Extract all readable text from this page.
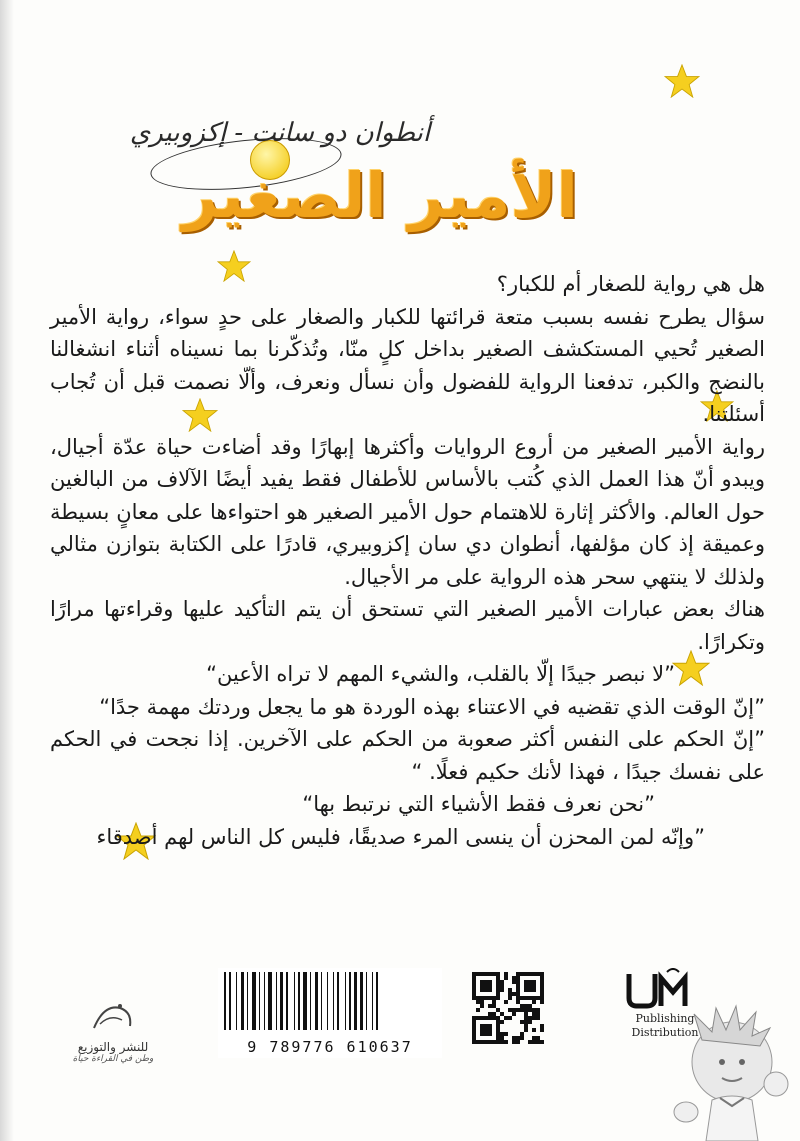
أنطوان دو سانت - إكزوبيري
الأمير الصغير

هل هي رواية للصغار أم للكبار؟

سؤال يطرح نفسه بسبب متعة قرائتها للكبار والصغار على حدٍ سواء، رواية الأمير الصغير تُحيي المستكشف الصغير بداخل كلٍ منّا، وتُذكّرنا بما نسيناه أثناء انشغالنا بالنضج والكبر، تدفعنا الرواية للفضول وأن نسأل ونعرف، وألّا نصمت قبل أن تُجاب أسئلتنا.

رواية الأمير الصغير من أروع الروايات وأكثرها إبهارًا وقد أضاءت حياة عدّة أجيال، ويبدو أنّ هذا العمل الذي كُتب بالأساس للأطفال فقط يفيد أيضًا الآلاف من البالغين حول العالم. والأكثر إثارة للاهتمام حول الأمير الصغير هو احتواءها على معانٍ بسيطة وعميقة إذ كان مؤلفها، أنطوان دي سان إكزوبيري، قادرًا على الكتابة بتوازن مثالي ولذلك لا ينتهي سحر هذه الرواية على مر الأجيال.

هناك بعض عبارات الأمير الصغير التي تستحق أن يتم التأكيد عليها وقراءتها مرارًا وتكرارًا.

”لا نبصر جيدًا إلّا بالقلب، والشيء المهم لا تراه الأعين“

”إنّ الوقت الذي تقضيه في الاعتناء بهذه الوردة هو ما يجعل وردتك مهمة جدًا“

”إنّ الحكم على النفس أكثر صعوبة من الحكم على الآخرين. إذا نجحت في الحكم على نفسك جيدًا ، فهذا لأنك حكيم فعلًا. “

”نحن نعرف فقط الأشياء التي نرتبط بها“

”وإنّه لمن المحزن أن ينسى المرء صديقًا، فليس كل الناس لهم أصدقاء

9 789776 610637
Publishing
Distribution
للنشر والتوزيع
وطن في القراءة حياة
